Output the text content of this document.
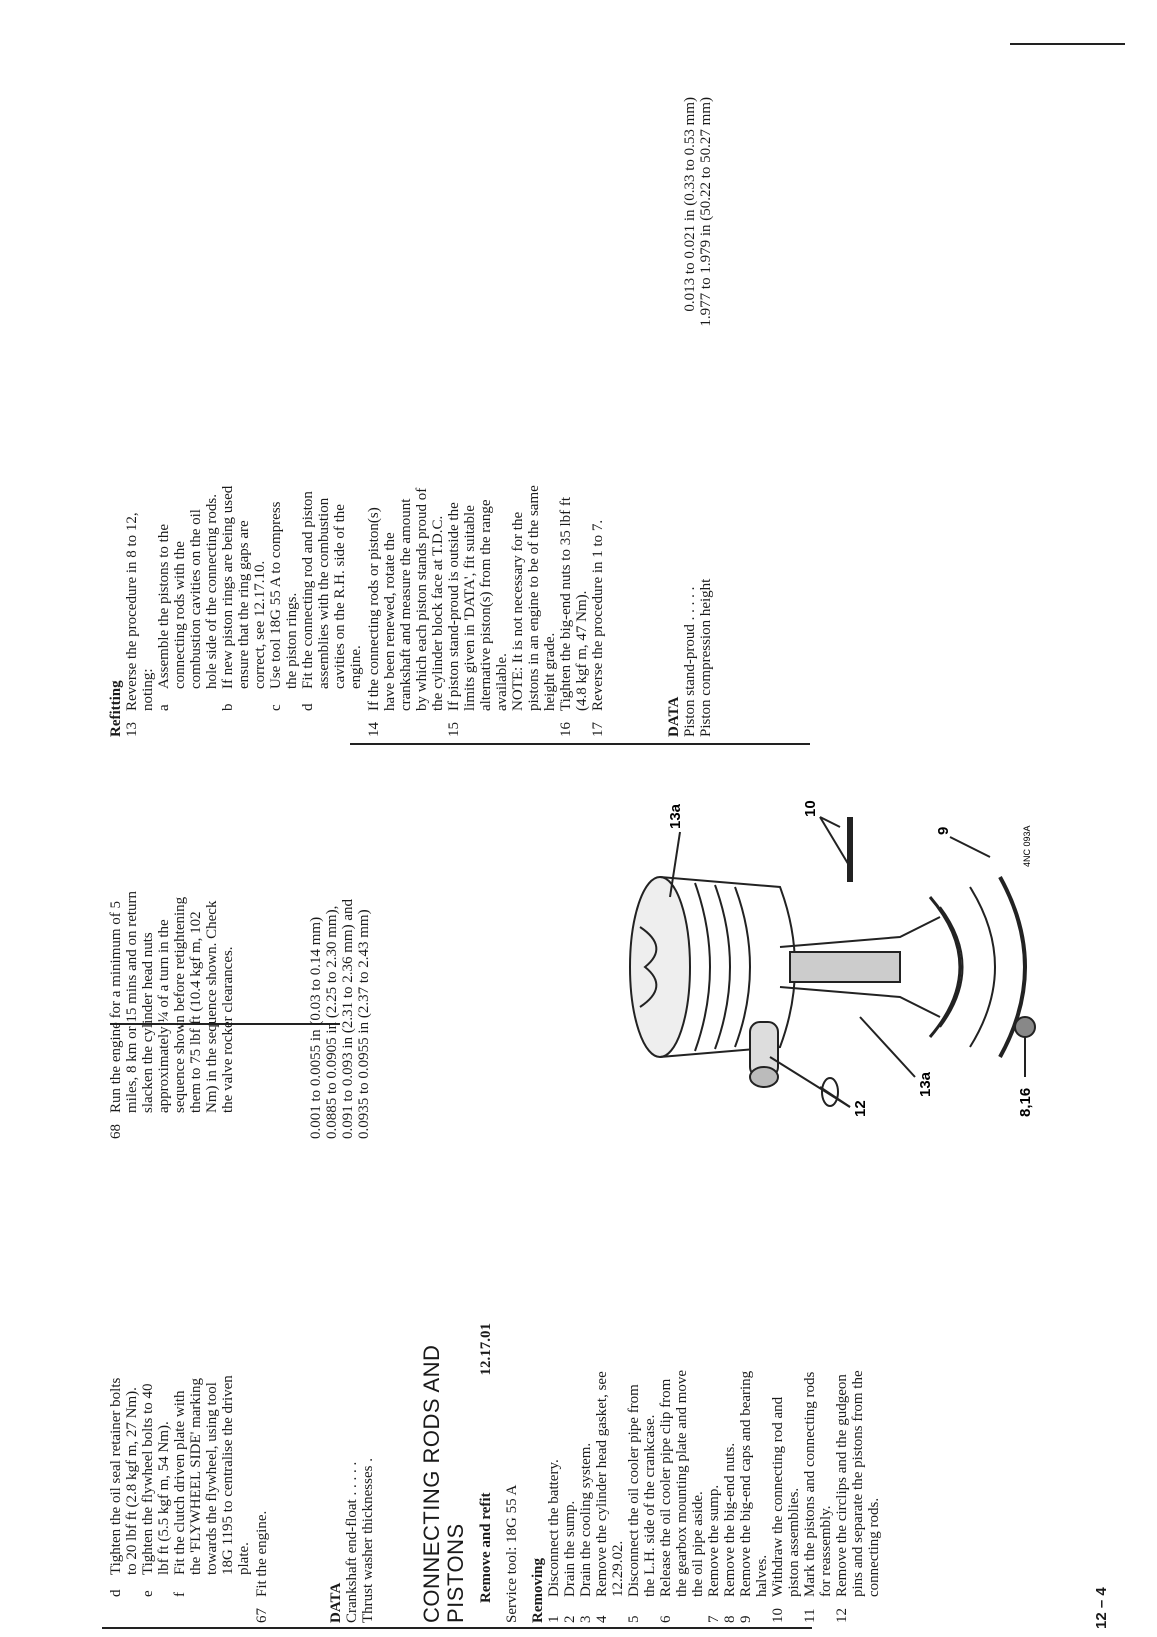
d
Tighten the oil seal retainer bolts to 20 lbf ft (2.8 kgf m, 27 Nm).
e
Tighten the flywheel bolts to 40 lbf ft (5.5 kgf m, 54 Nm).
f
Fit the clutch driven plate with the 'FLYWHEEL SIDE' marking towards the flywheel, using tool 18G 1195 to centralise the driven plate.
67
Fit the engine.
DATA Crankshaft end-float . . . . . Thrust washer thicknesses . CONNECTING RODS AND PISTONS Remove and refit
12.17.01
Service tool: 18G 55 A Removing 1
Disconnect the battery.
2
Drain the sump.
3
Drain the cooling system.
4
Remove the cylinder head gasket, see 12.29.02.
5
Disconnect the oil cooler pipe from the L.H. side of the crankcase.
6
Release the oil cooler pipe clip from the gearbox mounting plate and move the oil pipe aside.
7
Remove the sump.
8
Remove the big-end nuts.
9
Remove the big-end caps and bearing halves.
10
Withdraw the connecting rod and piston assemblies.
11
Mark the pistons and connecting rods for reassembly.
12
Remove the circlips and the gudgeon pins and separate the pistons from the connecting rods.
12 – 4
68
Run the engine for a minimum of 5 miles, 8 km or 15 mins and on return slacken the cylinder head nuts approximately ¼ of a turn in the sequence shown before retightening them to 75 lbf ft (10.4 kgf m, 102 Nm) in the sequence shown. Check the valve rocker clearances.	0.001 to 0.0055 in (0.03 to 0.14 mm) 0.0885 to 0.0905 in (2.25 to 2.30 mm), 0.091 to 0.093 in (2.31 to 2.36 mm) and 0.0935 to 0.0955 in (2.37 to 2.43 mm)	12
13a
13a
10
9
8,16
4NC 093A
Refitting 13
Reverse the procedure in 8 to 12, noting: a
Assemble the pistons to the connecting rods with the combustion cavities on the oil hole side of the connecting rods.
b
If new piston rings are being used ensure that the ring gaps are correct, see 12.17.10.
c
Use tool 18G 55 A to compress the piston rings.
d
Fit the connecting rod and piston assemblies with the combustion cavities on the R.H. side of the engine.
14
If the connecting rods or piston(s) have been renewed, rotate the crankshaft and measure the amount by which each piston stands proud of the cylinder block face at T.D.C.
15
If piston stand-proud is outside the limits given in 'DATA', fit suitable alternative piston(s) from the range available. NOTE: It is not necessary for the pistons in an engine to be of the same height grade.
16
Tighten the big-end nuts to 35 lbf ft (4.8 kgf m, 47 Nm).
17
Reverse the procedure in 1 to 7.
DATA Piston stand-proud . . . . .
0.013 to 0.021 in (0.33 to 0.53 mm)
Piston compression height
1.977 to 1.979 in (50.22 to 50.27 mm)
